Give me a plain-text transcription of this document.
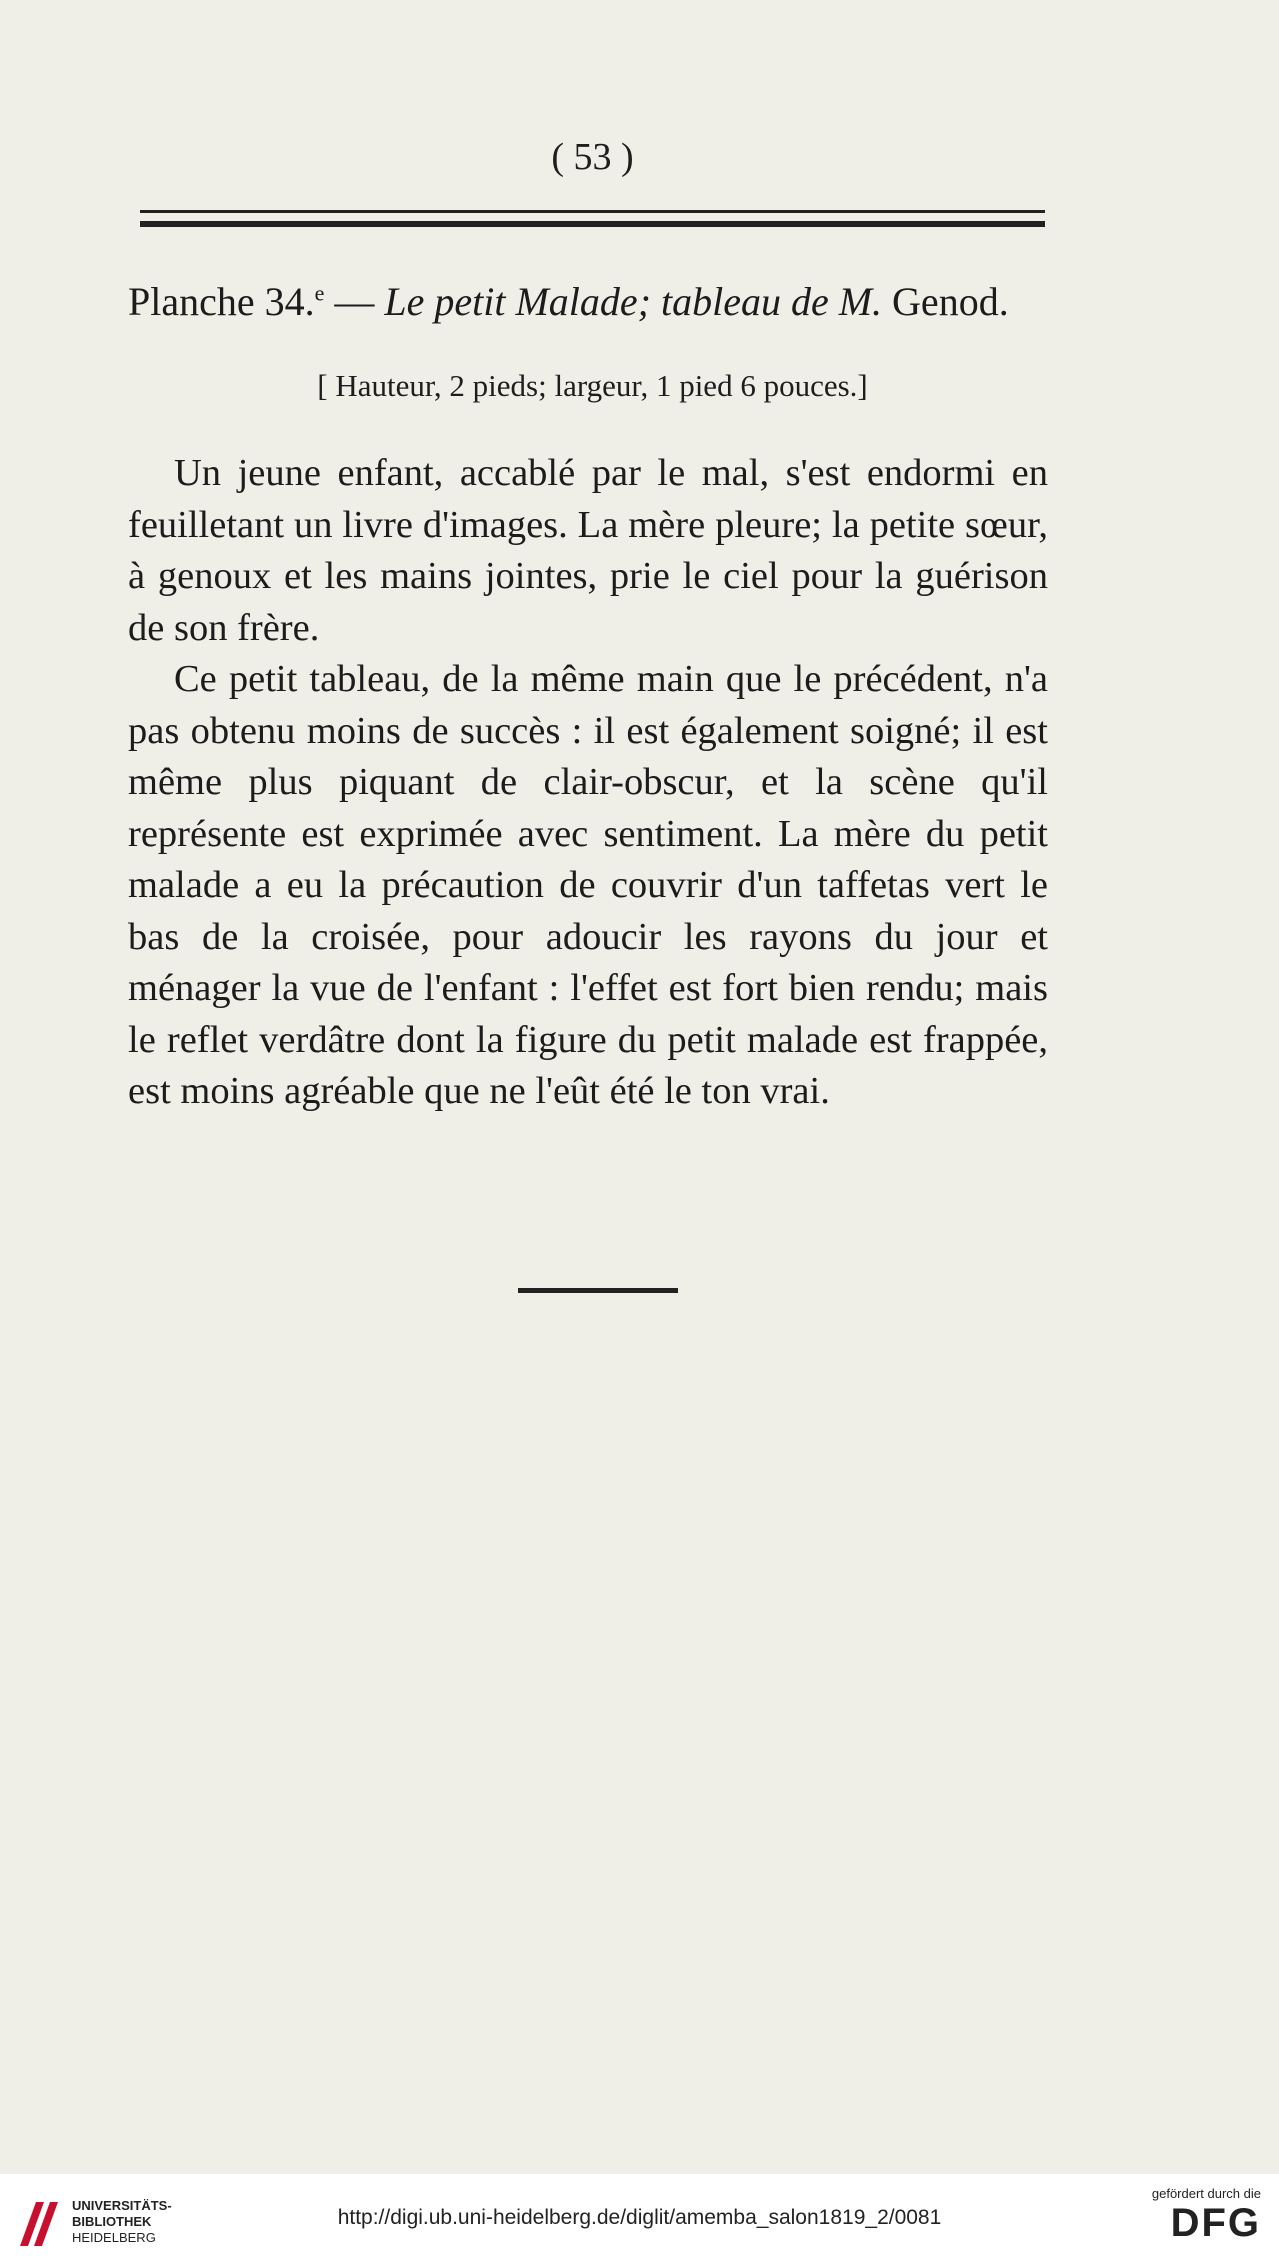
( 53 )
Planche 34.$^e$ — Le petit Malade; tableau de M. Genod.
[ Hauteur, 2 pieds; largeur, 1 pied 6 pouces.]

Un jeune enfant, accablé par le mal, s'est endormi en feuilletant un livre d'images. La mère pleure; la petite sœur, à genoux et les mains jointes, prie le ciel pour la guérison de son frère.

Ce petit tableau, de la même main que le précédent, n'a pas obtenu moins de succès : il est également soigné; il est même plus piquant de clair-obscur, et la scène qu'il représente est exprimée avec sentiment. La mère du petit malade a eu la précaution de couvrir d'un taffetas vert le bas de la croisée, pour adoucir les rayons du jour et ménager la vue de l'enfant : l'effet est fort bien rendu; mais le reflet verdâtre dont la figure du petit malade est frappée, est moins agréable que ne l'eût été le ton vrai.

UNIVERSITÄTS-
BIBLIOTHEK
HEIDELBERG
http://digi.ub.uni-heidelberg.de/diglit/amemba_salon1819_2/0081
gefördert durch die
DFG
